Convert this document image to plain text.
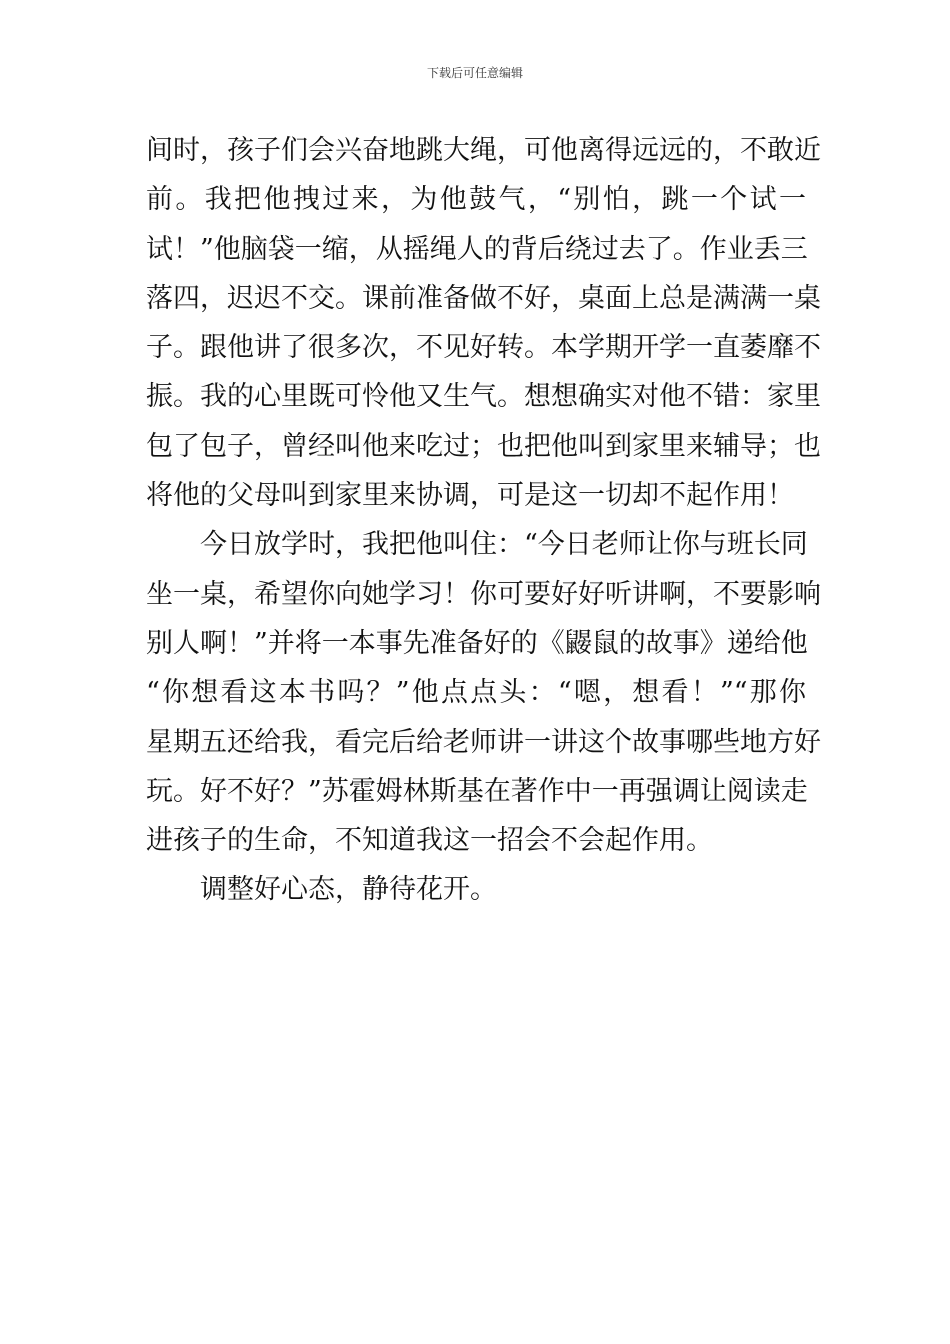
下载后可任意编辑
间时，孩子们会兴奋地跳大绳，可他离得远远的，不敢近
前。我把他拽过来，为他鼓气，“别怕，跳一个试一
试！”他脑袋一缩，从摇绳人的背后绕过去了。作业丢三
落四，迟迟不交。课前准备做不好，桌面上总是满满一桌
子。跟他讲了很多次，不见好转。本学期开学一直萎靡不
振。我的心里既可怜他又生气。想想确实对他不错：家里
包了包子，曾经叫他来吃过；也把他叫到家里来辅导；也
将他的父母叫到家里来协调，可是这一切却不起作用！
今日放学时，我把他叫住：“今日老师让你与班长同
坐一桌，希望你向她学习！你可要好好听讲啊，不要影响
别人啊！”并将一本事先准备好的《鼹鼠的故事》递给他
“你想看这本书吗？”他点点头：“嗯，想看！”“那你
星期五还给我，看完后给老师讲一讲这个故事哪些地方好
玩。好不好？”苏霍姆林斯基在著作中一再强调让阅读走
进孩子的生命，不知道我这一招会不会起作用。
调整好心态，静待花开。
